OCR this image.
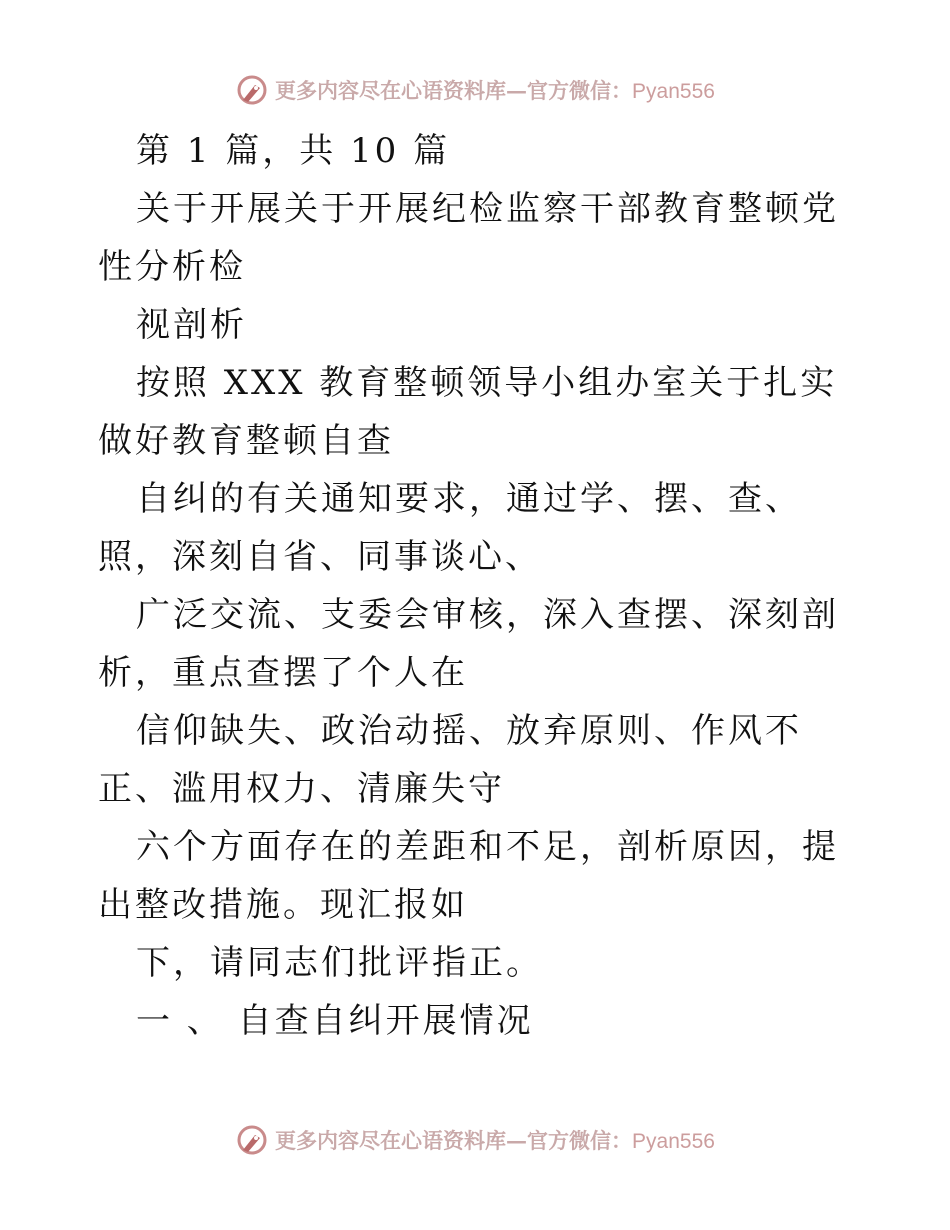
更多内容尽在心语资料库—官方微信：Pyan556

第 1 篇，共 10 篇

关于开展关于开展纪检监察干部教育整顿党性分析检

视剖析

按照 XXX 教育整顿领导小组办室关于扎实做好教育整顿自查

自纠的有关通知要求，通过学、摆、查、照，深刻自省、同事谈心、

广泛交流、支委会审核，深入查摆、深刻剖析，重点查摆了个人在

信仰缺失、政治动摇、放弃原则、作风不正、滥用权力、清廉失守

六个方面存在的差距和不足，剖析原因，提出整改措施。现汇报如

下，请同志们批评指正。

一 、 自查自纠开展情况

更多内容尽在心语资料库—官方微信：Pyan556
